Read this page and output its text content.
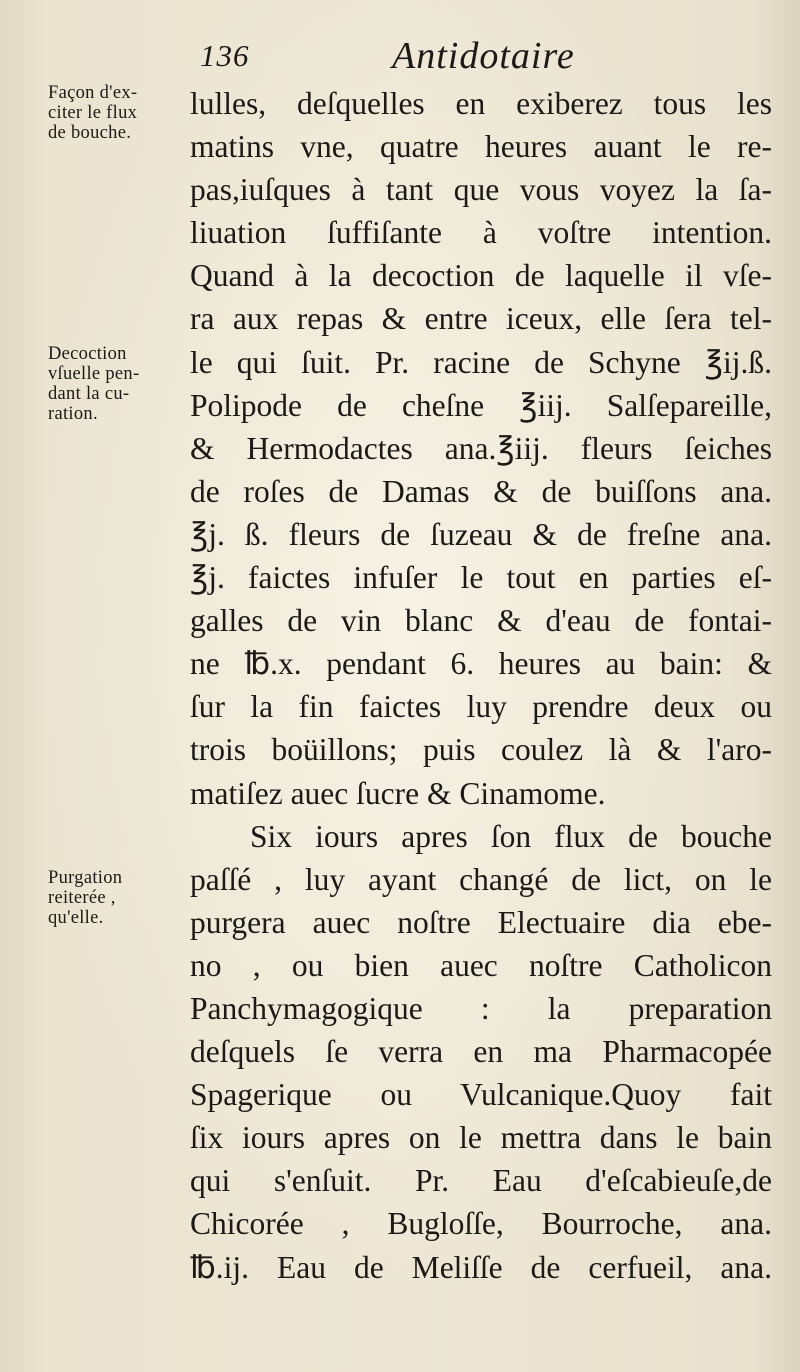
136	Antidotaire
Façon d'ex-
citer le flux
de bouche.
Decoction
vſuelle pen-
dant la cu-
ration.
Purgation
reiterée ,
qu'elle.
lulles, deſquelles en exiberez tous les
matins vne, quatre heures auant le re-
pas,iuſques à tant que vous voyez la ſa-
liuation ſuffiſante à voſtre intention.
Quand à la decoction de laquelle il vſe-
ra aux repas & entre iceux, elle ſera tel-
le qui ſuit. Pr. racine de Schyne ℥ij.ß.
Polipode de cheſne ℥iij. Salſepareille,
& Hermodactes ana.℥iij. fleurs ſeiches
de roſes de Damas & de buiſſons ana.
℥j. ß. fleurs de ſuzeau & de freſne ana.
℥j. faictes infuſer le tout en parties eſ-
galles de vin blanc & d'eau de fontai-
ne ℔.x. pendant 6. heures au bain: &
ſur la fin faictes luy prendre deux ou
trois boüillons; puis coulez là & l'aro-
matiſez auec ſucre & Cinamome.
Six iours apres ſon flux de bouche
paſſé , luy ayant changé de lict, on le
purgera auec noſtre Electuaire dia ebe-
no , ou bien auec noſtre Catholicon
Panchymagogique : la preparation
deſquels ſe verra en ma Pharmacopée
Spagerique ou Vulcanique.Quoy fait
ſix iours apres on le mettra dans le bain
qui s'enſuit. Pr. Eau d'eſcabieuſe,de
Chicorée , Bugloſſe, Bourroche, ana.
℔.ij. Eau de Meliſſe de cerfueil, ana.
